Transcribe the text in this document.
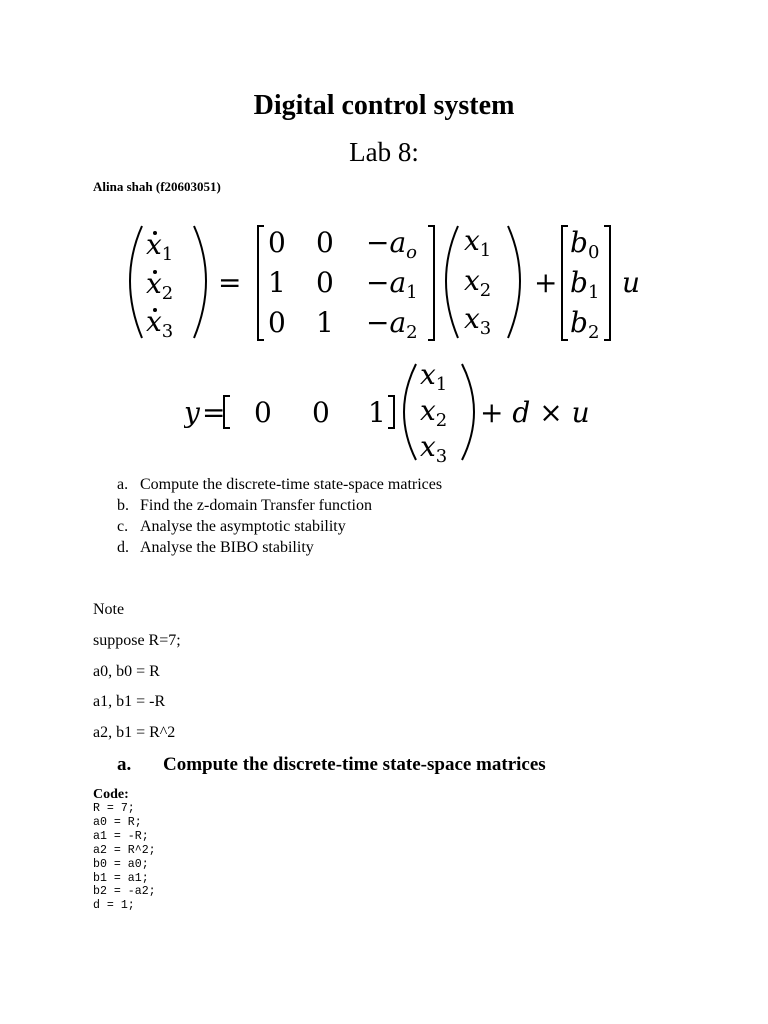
Digital control system
Lab 8:
Alina shah (f20603051)
$x_1$
$x_2$
$x_3$
=
0 $0 -a_o$
1 $0 -a_1$
0 $1 -a_2$
$x_1$
$x_2$
$x_3$
+
$b_0$
$b_1$
$b_2$
u
y = 0 0 1
$x_1$
$x_2$
$x_3$
+ d × u
a. Compute the discrete-time state-space matrices
b. Find the z-domain Transfer function
c. Analyse the asymptotic stability
d. Analyse the BIBO stability
Note
suppose R=7;
a0, b0 = R
a1, b1 = -R
a2, b1 = R^2
a.	Compute the discrete-time state-space matrices
Code:
R = 7;
a0 = R;
a1 = -R;
a2 = R^2;
b0 = a0;
b1 = a1;
b2 = -a2;
d = 1;
